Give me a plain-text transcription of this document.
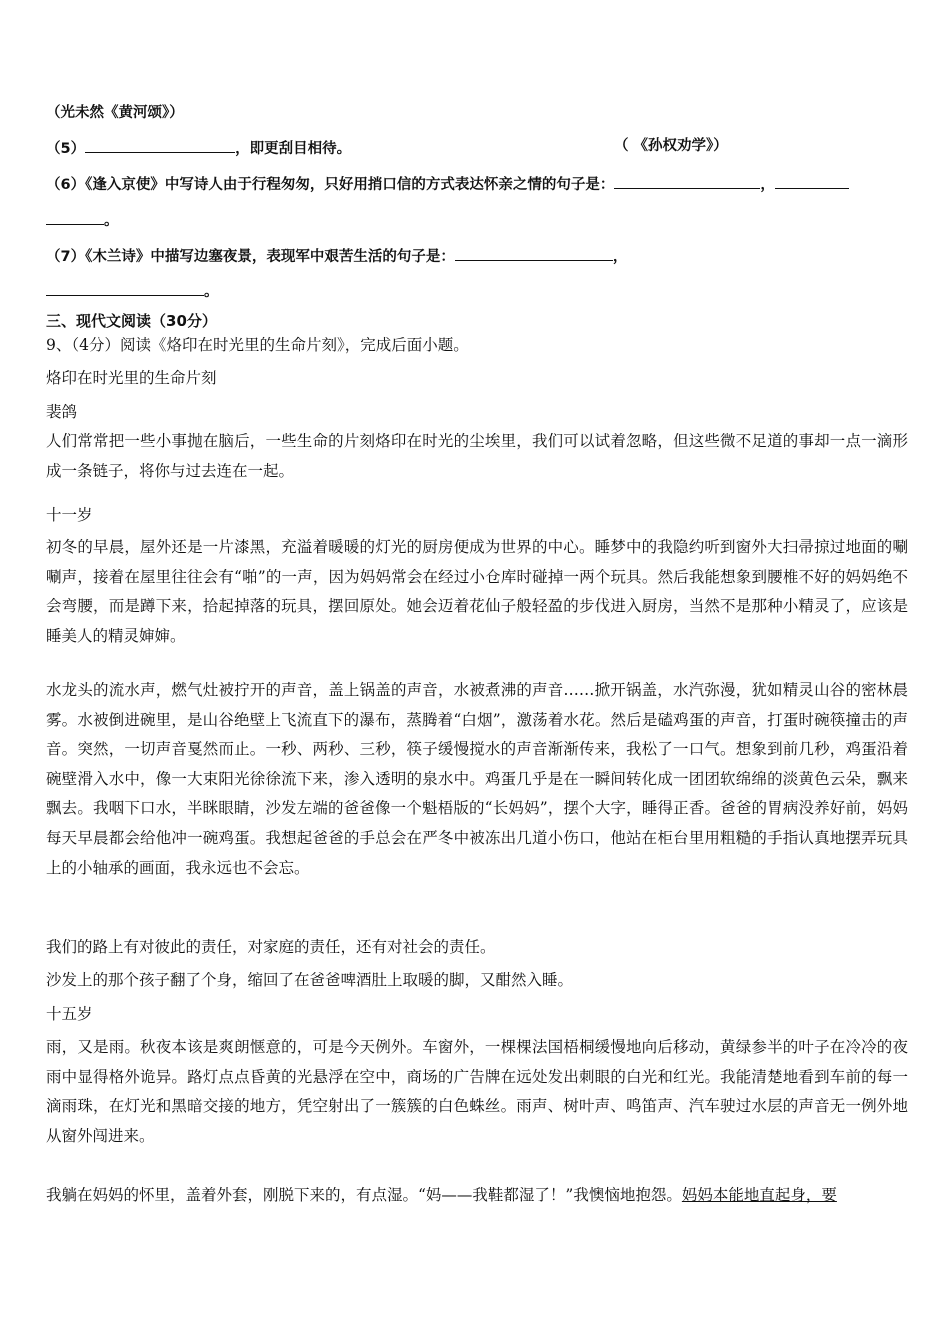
（光未然《黄河颂》）
（5）	，即更刮目相待。	（ 《孙权劝学》）
（6）《逢入京使》中写诗人由于行程匆匆，只好用捎口信的方式表达怀亲之情的句子是：	，
。
（7）《木兰诗》中描写边塞夜景，表现军中艰苦生活的句子是：	，
。
三、现代文阅读（30分）
9、（4分）阅读《烙印在时光里的生命片刻》，完成后面小题。
烙印在时光里的生命片刻
裴鸽
人们常常把一些小事抛在脑后，一些生命的片刻烙印在时光的尘埃里，我们可以试着忽略，但这些微不足道的事却一点一滴形成一条链子，将你与过去连在一起。
十一岁
初冬的早晨，屋外还是一片漆黑，充溢着暖暖的灯光的厨房便成为世界的中心。睡梦中的我隐约听到窗外大扫帚掠过地面的唰唰声，接着在屋里往往会有“啪”的一声，因为妈妈常会在经过小仓库时碰掉一两个玩具。然后我能想象到腰椎不好的妈妈绝不会弯腰，而是蹲下来，拾起掉落的玩具，摆回原处。她会迈着花仙子般轻盈的步伐进入厨房，当然不是那种小精灵了，应该是睡美人的精灵婶婶。
水龙头的流水声，燃气灶被拧开的声音，盖上锅盖的声音，水被煮沸的声音……掀开锅盖，水汽弥漫，犹如精灵山谷的密林晨雾。水被倒进碗里，是山谷绝壁上飞流直下的瀑布，蒸腾着“白烟”，激荡着水花。然后是磕鸡蛋的声音，打蛋时碗筷撞击的声音。突然，一切声音戛然而止。一秒、两秒、三秒，筷子缓慢搅水的声音渐渐传来，我松了一口气。想象到前几秒，鸡蛋沿着碗壁滑入水中，像一大束阳光徐徐流下来，渗入透明的泉水中。鸡蛋几乎是在一瞬间转化成一团团软绵绵的淡黄色云朵，飘来飘去。我咽下口水，半眯眼睛，沙发左端的爸爸像一个魁梧版的“长妈妈”，摆个大字，睡得正香。爸爸的胃病没养好前，妈妈每天早晨都会给他冲一碗鸡蛋。我想起爸爸的手总会在严冬中被冻出几道小伤口，他站在柜台里用粗糙的手指认真地摆弄玩具上的小轴承的画面，我永远也不会忘。
我们的路上有对彼此的责任，对家庭的责任，还有对社会的责任。
沙发上的那个孩子翻了个身，缩回了在爸爸啤酒肚上取暖的脚，又酣然入睡。
十五岁
雨，又是雨。秋夜本该是爽朗惬意的，可是今天例外。车窗外，一棵棵法国梧桐缓慢地向后移动，黄绿参半的叶子在冷冷的夜雨中显得格外诡异。路灯点点昏黄的光悬浮在空中，商场的广告牌在远处发出刺眼的白光和红光。我能清楚地看到车前的每一滴雨珠，在灯光和黑暗交接的地方，凭空射出了一簇簇的白色蛛丝。雨声、树叶声、鸣笛声、汽车驶过水层的声音无一例外地从窗外闯进来。
我躺在妈妈的怀里，盖着外套，刚脱下来的，有点湿。“妈——我鞋都湿了！”我懊恼地抱怨。妈妈本能地直起身，要
